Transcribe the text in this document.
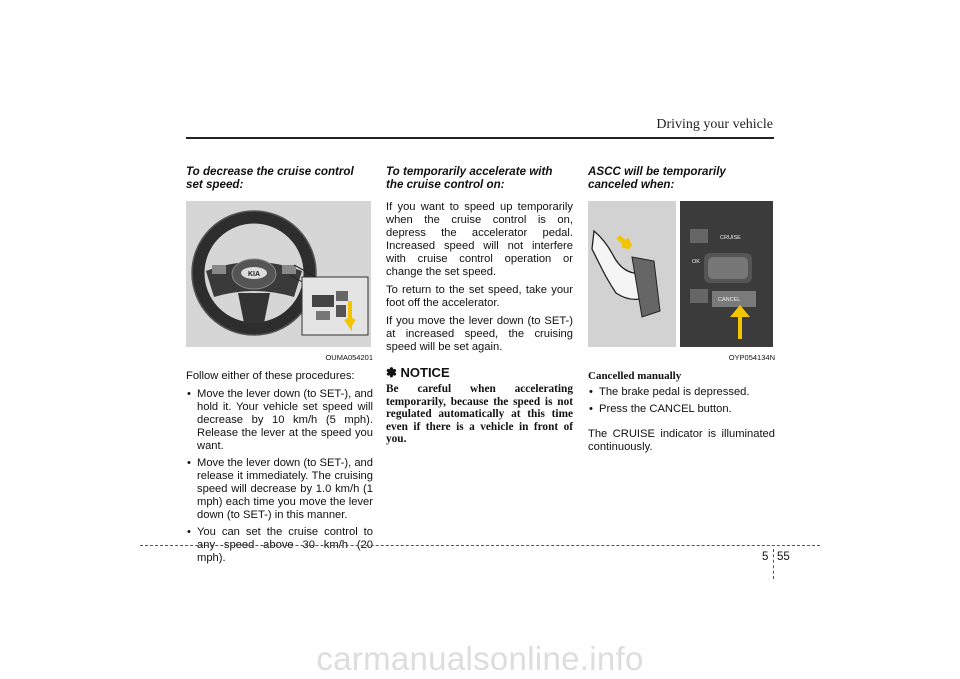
Driving your vehicle

To decrease the cruise control set speed:

KIA
OUMA054201

Follow either of these procedures:

• Move the lever down (to SET-), and hold it. Your vehicle set speed will decrease by 10 km/h (5 mph). Release the lever at the speed you want.
• Move the lever down (to SET-), and release it immediately. The cruising speed will decrease by 1.0 km/h (1 mph) each time you move the lever down (to SET-) in this manner.
• You can set the cruise control to any speed above 30 km/h (20 mph).

To temporarily accelerate with the cruise control on:

If you want to speed up temporarily when the cruise control is on, depress the accelerator pedal. Increased speed will not interfere with cruise control operation or change the set speed.

To return to the set speed, take your foot off the accelerator.

If you move the lever down (to SET-) at increased speed, the cruising speed will be set again.

✽ NOTICE

Be careful when accelerating temporarily, because the speed is not regulated automatically at this time even if there is a vehicle in front of you.

ASCC will be temporarily canceled when:

CRUISE
OK
CANCEL
OYP054134N

Cancelled manually

• The brake pedal is depressed.
• Press the CANCEL button.

The CRUISE indicator is illuminated continuously.

5 55
carmanualsonline.info
